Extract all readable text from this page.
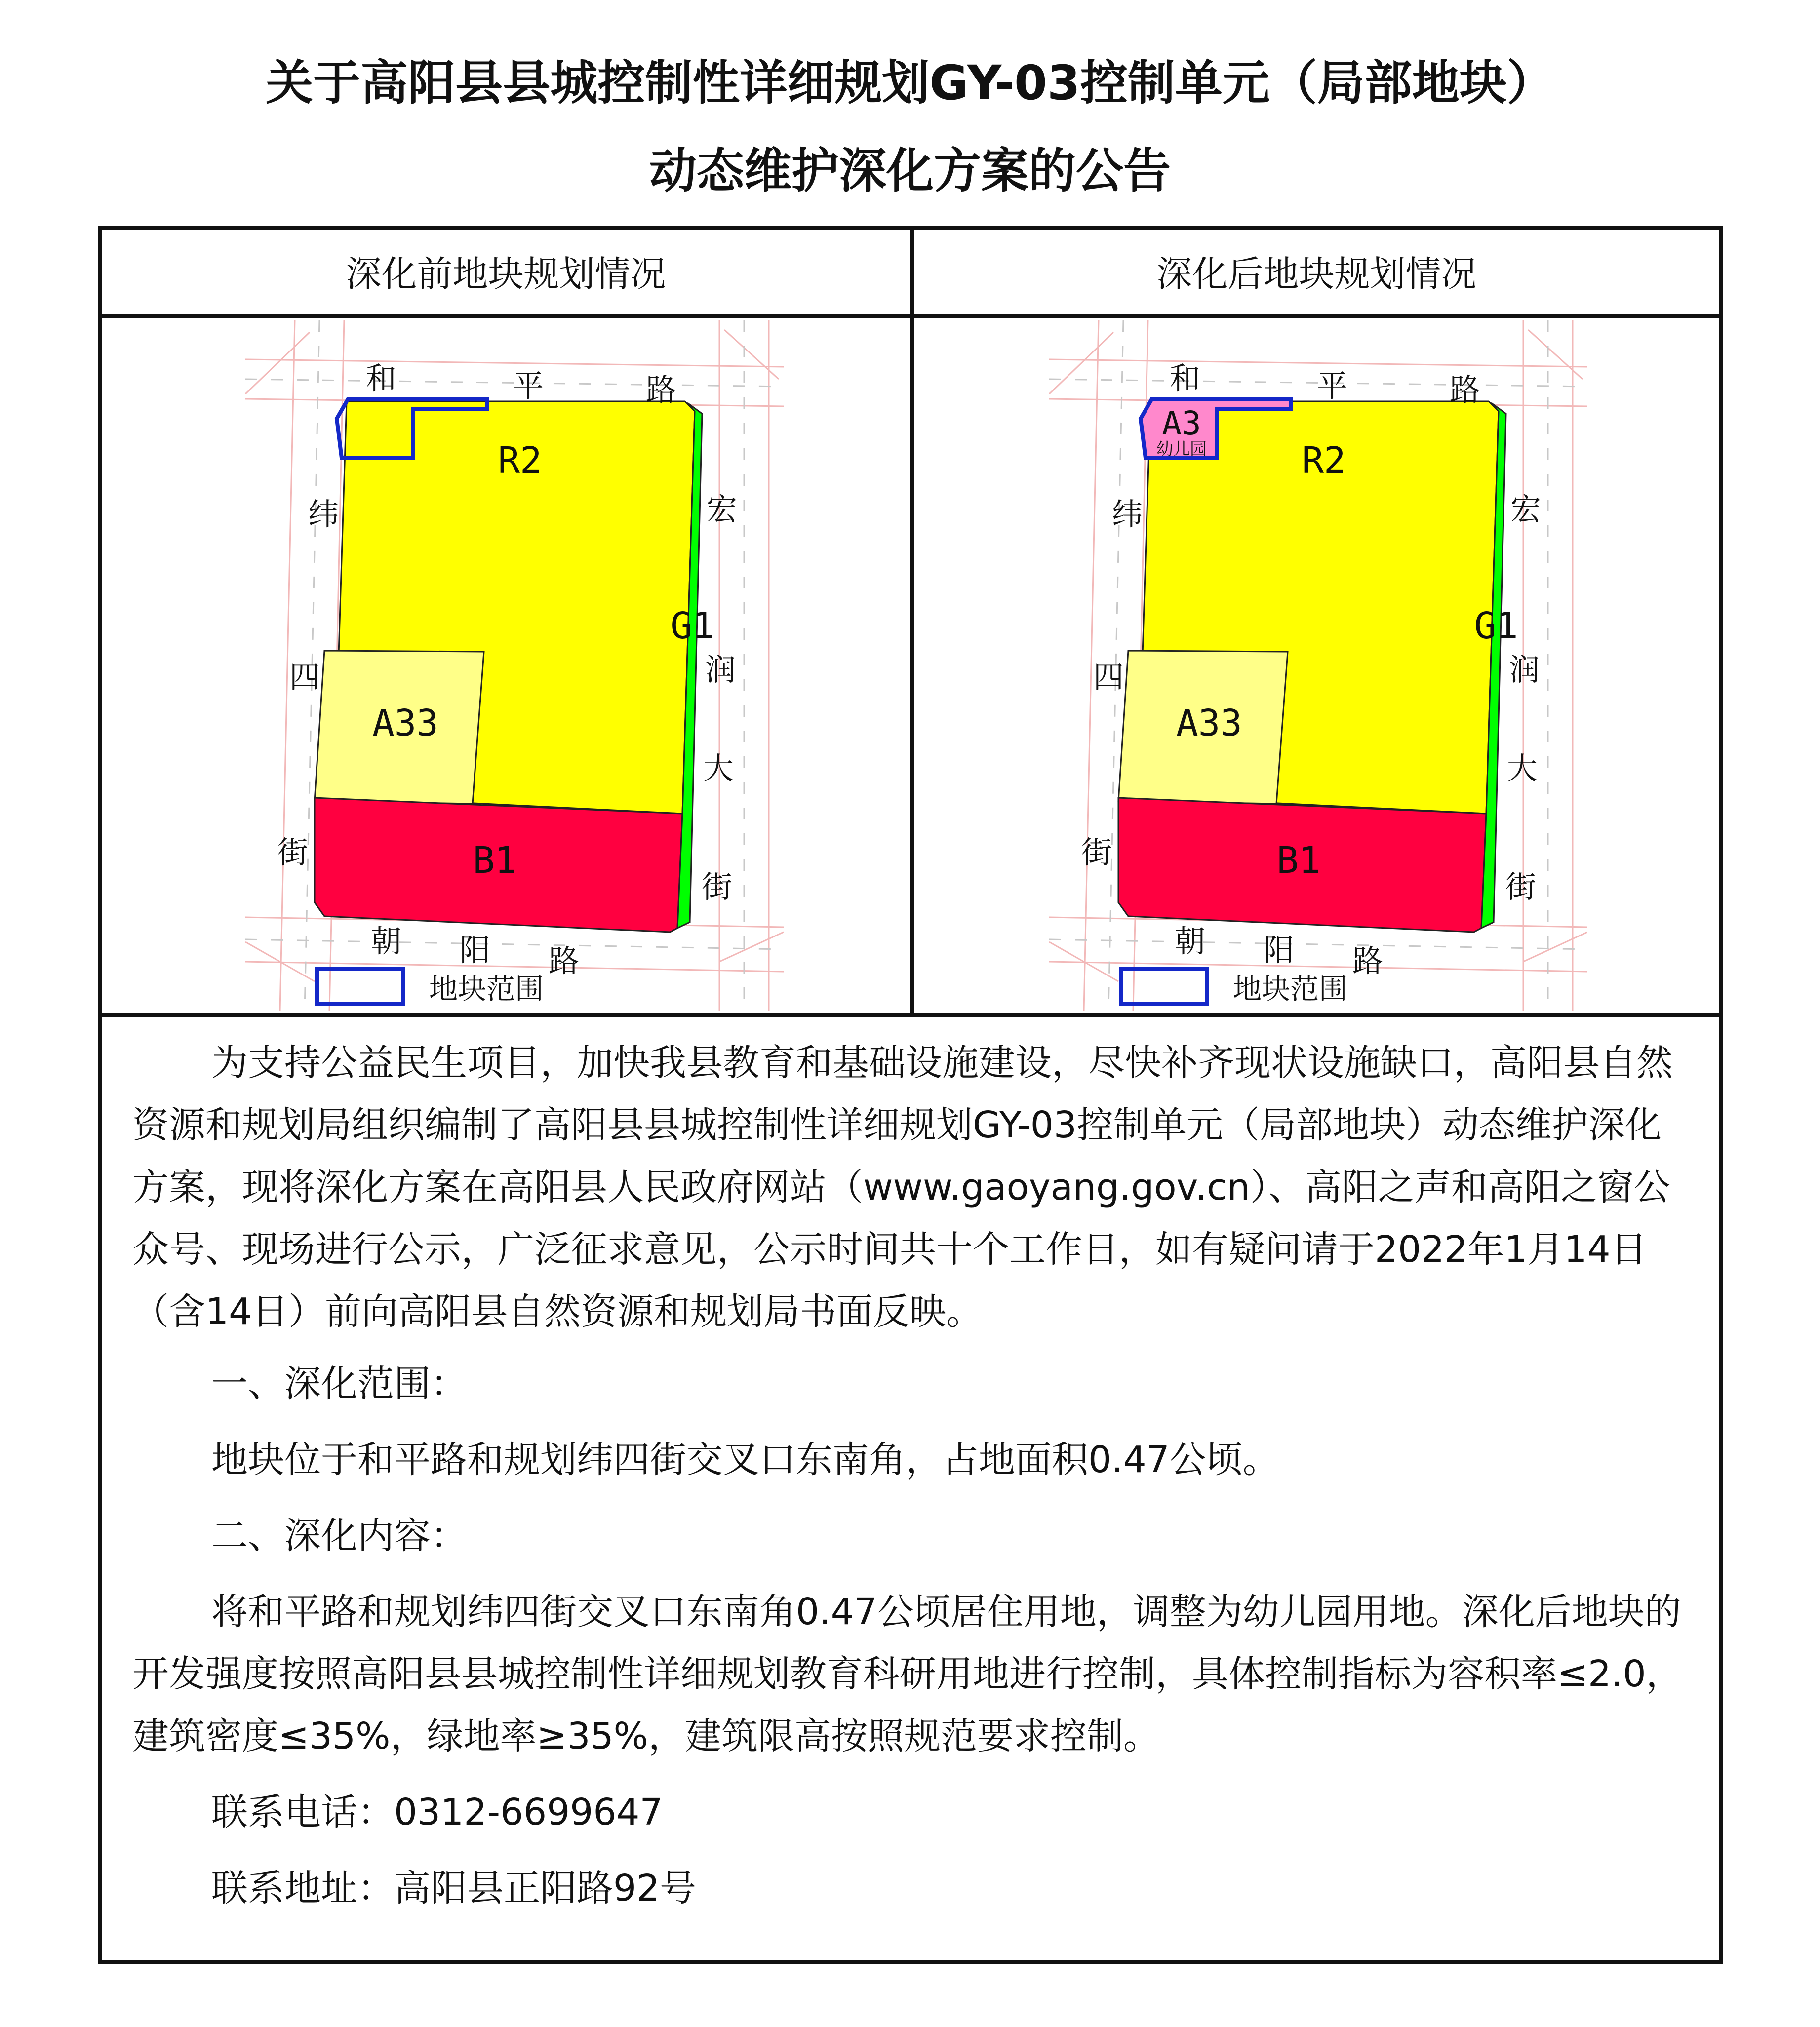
关于高阳县县城控制性详细规划GY-03控制单元（局部地块）
动态维护深化方案的公告
深化前地块规划情况	深化后地块规划情况
和	平	路
纬
四
街
宏
润
大
街
朝 阳 路
R2
A33
B1
G1
地块范围
和	平	路
纬
四
街
宏
润
大
街
朝 阳 路
R2
A33
B1
G1
A3
幼儿园
地块范围

为支持公益民生项目，加快我县教育和基础设施建设，尽快补齐现状设施缺口，高阳县自然资源和规划局组织编制了高阳县县城控制性详细规划GY-03控制单元（局部地块）动态维护深化方案，现将深化方案在高阳县人民政府网站（www.gaoyang.gov.cn）、高阳之声和高阳之窗公众号、现场进行公示，广泛征求意见，公示时间共十个工作日，如有疑问请于2022年1月14日（含14日）前向高阳县自然资源和规划局书面反映。

一、深化范围：

地块位于和平路和规划纬四街交叉口东南角，占地面积0.47公顷。

二、深化内容：

将和平路和规划纬四街交叉口东南角0.47公顷居住用地，调整为幼儿园用地。深化后地块的开发强度按照高阳县县城控制性详细规划教育科研用地进行控制，具体控制指标为容积率≤2.0，建筑密度≤35%，绿地率≥35%，建筑限高按照规范要求控制。

联系电话：0312-6699647

联系地址：高阳县正阳路92号
